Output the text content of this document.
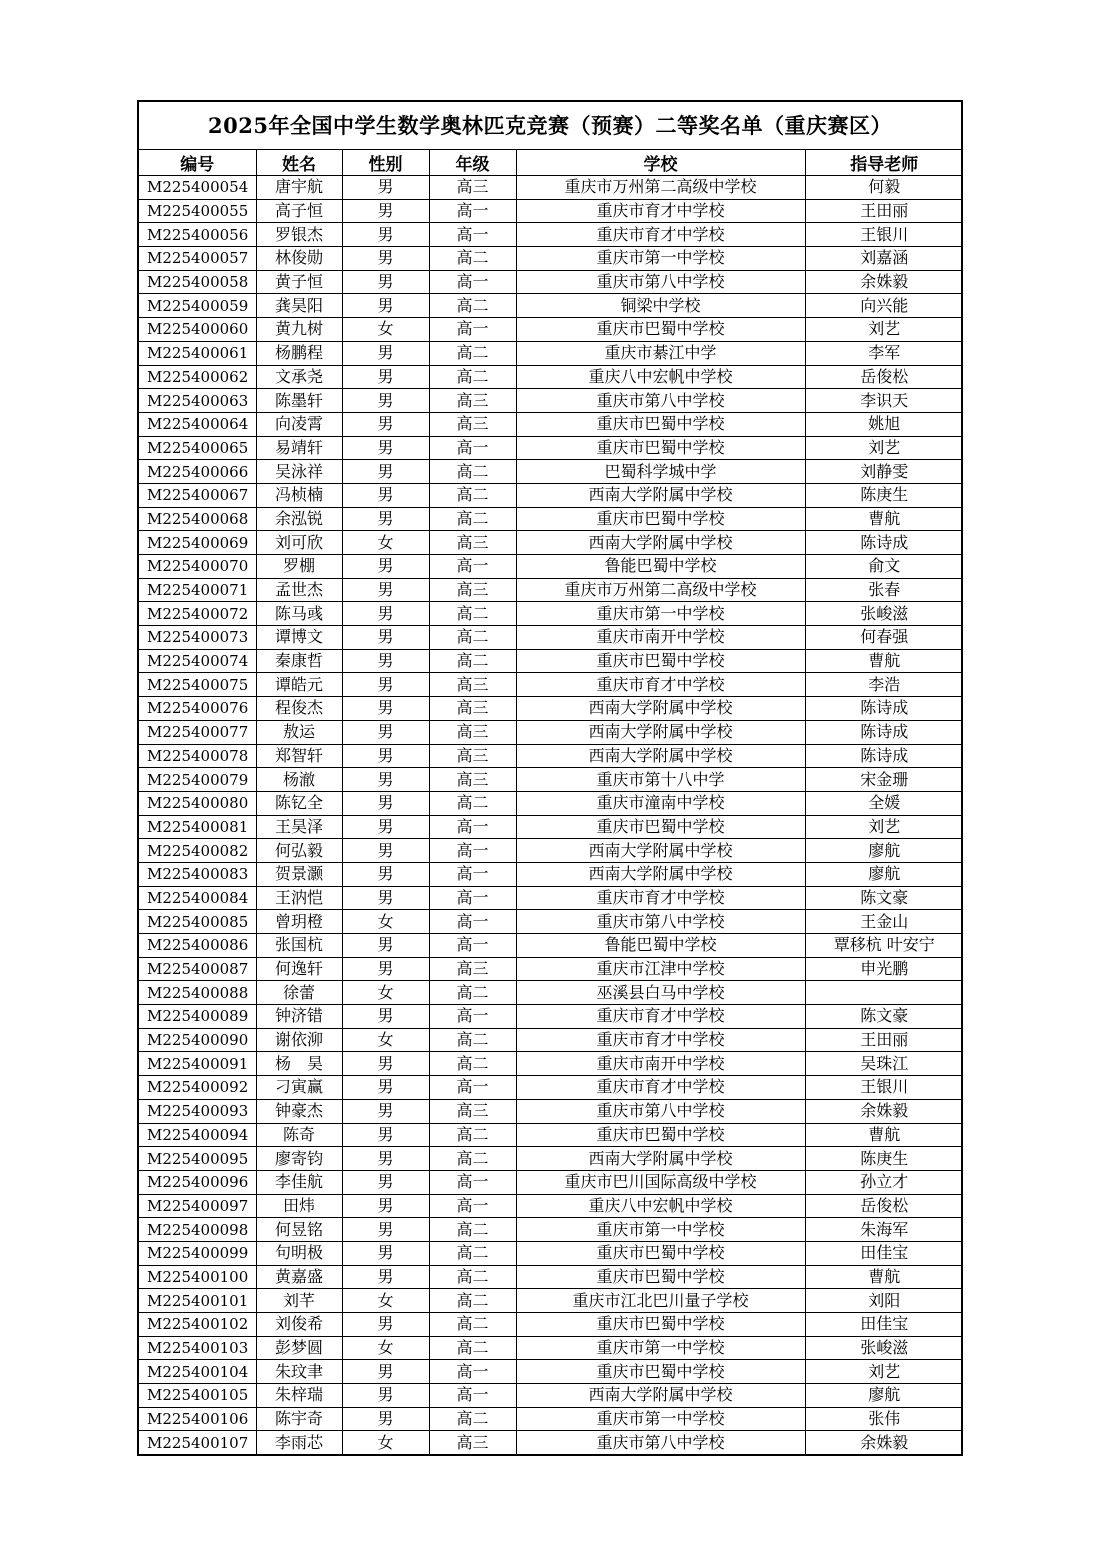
2025年全国中学生数学奥林匹克竞赛（预赛）二等奖名单（重庆赛区）
编号	姓名	性别	年级	学校	指导老师
M225400054	唐宇航	男	高三	重庆市万州第二高级中学校	何毅
M225400055	高子恒	男	高一	重庆市育才中学校	王田丽
M225400056	罗银杰	男	高一	重庆市育才中学校	王银川
M225400057	林俊勋	男	高二	重庆市第一中学校	刘嘉涵
M225400058	黄子恒	男	高一	重庆市第八中学校	余姝毅
M225400059	龚昊阳	男	高二	铜梁中学校	向兴能
M225400060	黄九树	女	高一	重庆市巴蜀中学校	刘艺
M225400061	杨鹏程	男	高二	重庆市綦江中学	李军
M225400062	文承尧	男	高二	重庆八中宏帆中学校	岳俊松
M225400063	陈墨轩	男	高三	重庆市第八中学校	李识天
M225400064	向凌霄	男	高三	重庆市巴蜀中学校	姚旭
M225400065	易靖轩	男	高一	重庆市巴蜀中学校	刘艺
M225400066	吴泳祥	男	高二	巴蜀科学城中学	刘静雯
M225400067	冯桢楠	男	高二	西南大学附属中学校	陈庚生
M225400068	余泓锐	男	高二	重庆市巴蜀中学校	曹航
M225400069	刘可欣	女	高三	西南大学附属中学校	陈诗成
M225400070	罗棚	男	高一	鲁能巴蜀中学校	俞文
M225400071	孟世杰	男	高三	重庆市万州第二高级中学校	张春
M225400072	陈马彧	男	高二	重庆市第一中学校	张峻滋
M225400073	谭博文	男	高二	重庆市南开中学校	何春强
M225400074	秦康哲	男	高二	重庆市巴蜀中学校	曹航
M225400075	谭皓元	男	高三	重庆市育才中学校	李浩
M225400076	程俊杰	男	高三	西南大学附属中学校	陈诗成
M225400077	敖运	男	高三	西南大学附属中学校	陈诗成
M225400078	郑智轩	男	高三	西南大学附属中学校	陈诗成
M225400079	杨澈	男	高三	重庆市第十八中学	宋金珊
M225400080	陈钇全	男	高二	重庆市潼南中学校	全媛
M225400081	王昊泽	男	高一	重庆市巴蜀中学校	刘艺
M225400082	何弘毅	男	高一	西南大学附属中学校	廖航
M225400083	贺景灏	男	高一	西南大学附属中学校	廖航
M225400084	王汭恺	男	高一	重庆市育才中学校	陈文豪
M225400085	曾玥橙	女	高一	重庆市第八中学校	王金山
M225400086	张国杭	男	高一	鲁能巴蜀中学校	覃移杭 叶安宁
M225400087	何逸轩	男	高三	重庆市江津中学校	申光鹏
M225400088	徐蕾	女	高二	巫溪县白马中学校	
M225400089	钟济错	男	高一	重庆市育才中学校	陈文豪
M225400090	谢依泖	女	高二	重庆市育才中学校	王田丽
M225400091	杨　昊	男	高二	重庆市南开中学校	吴珠江
M225400092	刁寅赢	男	高一	重庆市育才中学校	王银川
M225400093	钟豪杰	男	高三	重庆市第八中学校	余姝毅
M225400094	陈奇	男	高二	重庆市巴蜀中学校	曹航
M225400095	廖寄钧	男	高二	西南大学附属中学校	陈庚生
M225400096	李佳航	男	高一	重庆市巴川国际高级中学校	孙立才
M225400097	田炜	男	高一	重庆八中宏帆中学校	岳俊松
M225400098	何昱铭	男	高二	重庆市第一中学校	朱海军
M225400099	句明极	男	高二	重庆市巴蜀中学校	田佳宝
M225400100	黄嘉盛	男	高二	重庆市巴蜀中学校	曹航
M225400101	刘芊	女	高二	重庆市江北巴川量子学校	刘阳
M225400102	刘俊希	男	高二	重庆市巴蜀中学校	田佳宝
M225400103	彭梦圆	女	高二	重庆市第一中学校	张峻滋
M225400104	朱玟聿	男	高一	重庆市巴蜀中学校	刘艺
M225400105	朱梓瑞	男	高一	西南大学附属中学校	廖航
M225400106	陈宇奇	男	高二	重庆市第一中学校	张伟
M225400107	李雨芯	女	高三	重庆市第八中学校	余姝毅
